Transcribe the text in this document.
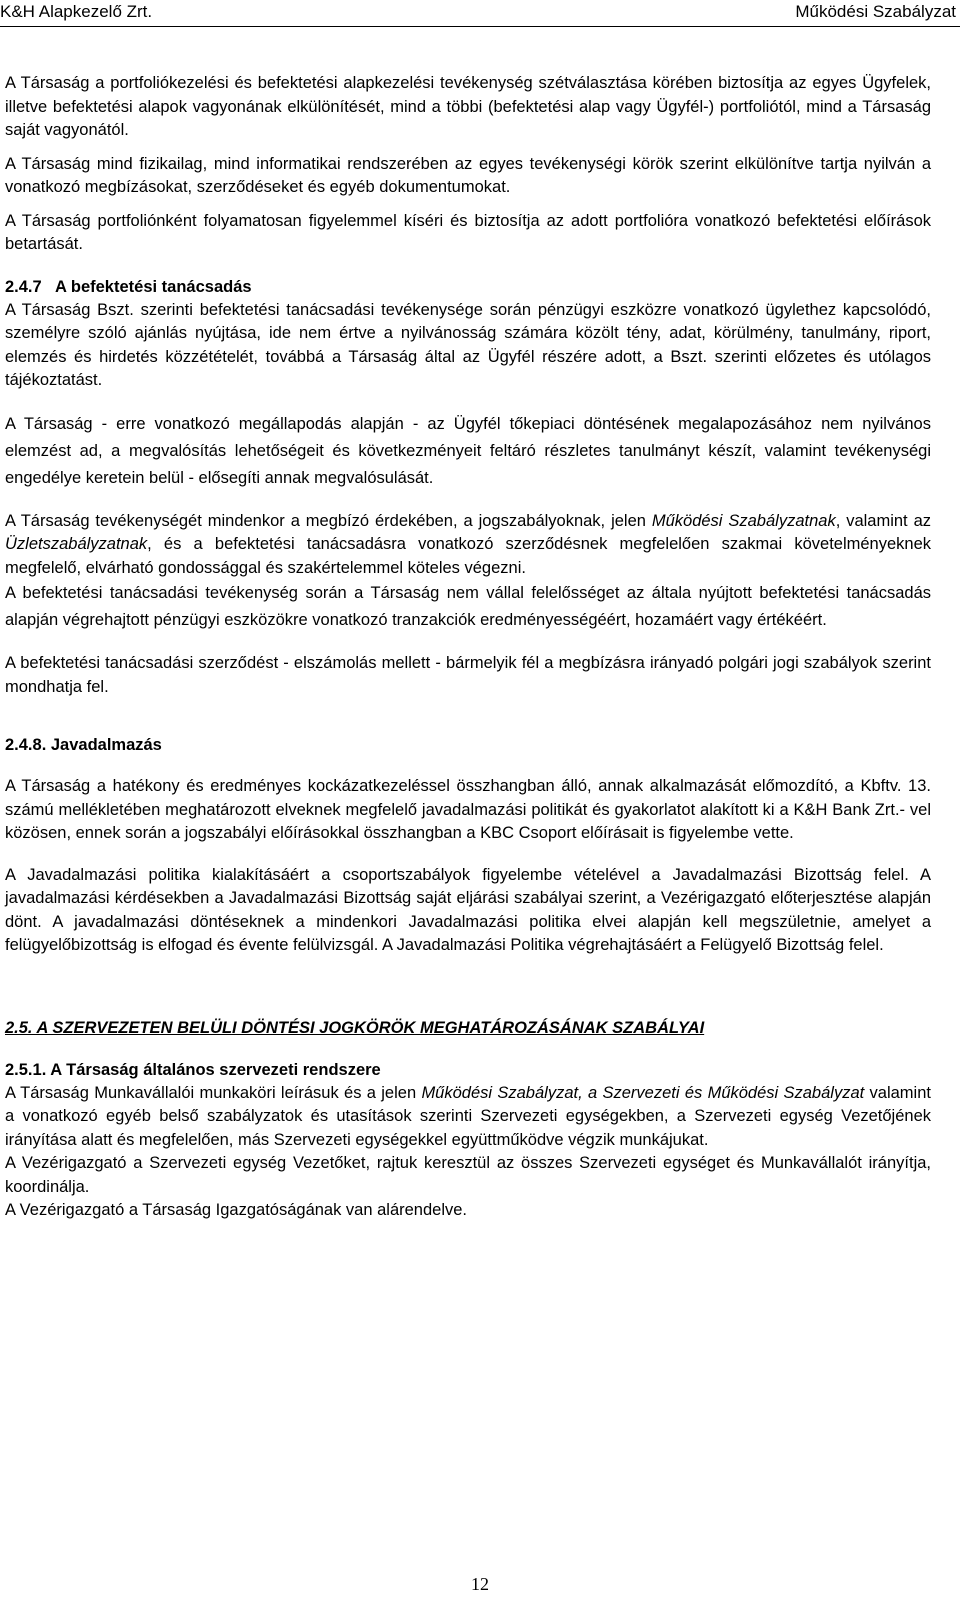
K&H Alapkezelő Zrt.	Működési Szabályzat

A Társaság a portfoliókezelési és befektetési alapkezelési tevékenység szétválasztása körében biztosítja az egyes Ügyfelek, illetve befektetési alapok vagyonának elkülönítését, mind a többi (befektetési alap vagy Ügyfél-) portfoliótól, mind a Társaság saját vagyonától.

A Társaság mind fizikailag, mind informatikai rendszerében az egyes tevékenységi körök szerint elkülönítve tartja nyilván a vonatkozó megbízásokat, szerződéseket és egyéb dokumentumokat.

A Társaság portfoliónként folyamatosan figyelemmel kíséri és biztosítja az adott portfolióra vonatkozó befektetési előírások betartását.

2.4.7 A befektetési tanácsadás

A Társaság Bszt. szerinti befektetési tanácsadási tevékenysége során pénzügyi eszközre vonatkozó ügylethez kapcsolódó, személyre szóló ajánlás nyújtása, ide nem értve a nyilvánosság számára közölt tény, adat, körülmény, tanulmány, riport, elemzés és hirdetés közzétételét, továbbá a Társaság által az Ügyfél részére adott, a Bszt. szerinti előzetes és utólagos tájékoztatást.

A Társaság - erre vonatkozó megállapodás alapján - az Ügyfél tőkepiaci döntésének megalapozásához nem nyilvános elemzést ad, a megvalósítás lehetőségeit és következményeit feltáró részletes tanulmányt készít, valamint tevékenységi engedélye keretein belül - elősegíti annak megvalósulását.

A Társaság tevékenységét mindenkor a megbízó érdekében, a jogszabályoknak, jelen Működési Szabályzatnak, valamint az Üzletszabályzatnak, és a befektetési tanácsadásra vonatkozó szerződésnek megfelelően szakmai követelményeknek megfelelő, elvárható gondossággal és szakértelemmel köteles végezni.

A befektetési tanácsadási tevékenység során a Társaság nem vállal felelősséget az általa nyújtott befektetési tanácsadás alapján végrehajtott pénzügyi eszközökre vonatkozó tranzakciók eredményességéért, hozamáért vagy értékéért.

A befektetési tanácsadási szerződést - elszámolás mellett - bármelyik fél a megbízásra irányadó polgári jogi szabályok szerint mondhatja fel.

2.4.8. Javadalmazás

A Társaság a hatékony és eredményes kockázatkezeléssel összhangban álló, annak alkalmazását előmozdító, a Kbftv. 13. számú mellékletében meghatározott elveknek megfelelő javadalmazási politikát és gyakorlatot alakított ki a K&H Bank Zrt.- vel közösen, ennek során a jogszabályi előírásokkal összhangban a KBC Csoport előírásait is figyelembe vette.

A Javadalmazási politika kialakításáért a csoportszabályok figyelembe vételével a Javadalmazási Bizottság felel. A javadalmazási kérdésekben a Javadalmazási Bizottság saját eljárási szabályai szerint, a Vezérigazgató előterjesztése alapján dönt. A javadalmazási döntéseknek a mindenkori Javadalmazási politika elvei alapján kell megszületnie, amelyet a felügyelőbizottság is elfogad és évente felülvizsgál. A Javadalmazási Politika végrehajtásáért a Felügyelő Bizottság felel.

2.5. A SZERVEZETEN BELÜLI DÖNTÉSI JOGKÖRÖK MEGHATÁROZÁSÁNAK SZABÁLYAI
2.5.1. A Társaság általános szervezeti rendszere

A Társaság Munkavállalói munkaköri leírásuk és a jelen Működési Szabályzat, a Szervezeti és Működési Szabályzat valamint a vonatkozó egyéb belső szabályzatok és utasítások szerinti Szervezeti egységekben, a Szervezeti egység Vezetőjének irányítása alatt és megfelelően, más Szervezeti egységekkel együttműködve végzik munkájukat.

A Vezérigazgató a Szervezeti egység Vezetőket, rajtuk keresztül az összes Szervezeti egységet és Munkavállalót irányítja, koordinálja.

A Vezérigazgató a Társaság Igazgatóságának van alárendelve.

12
